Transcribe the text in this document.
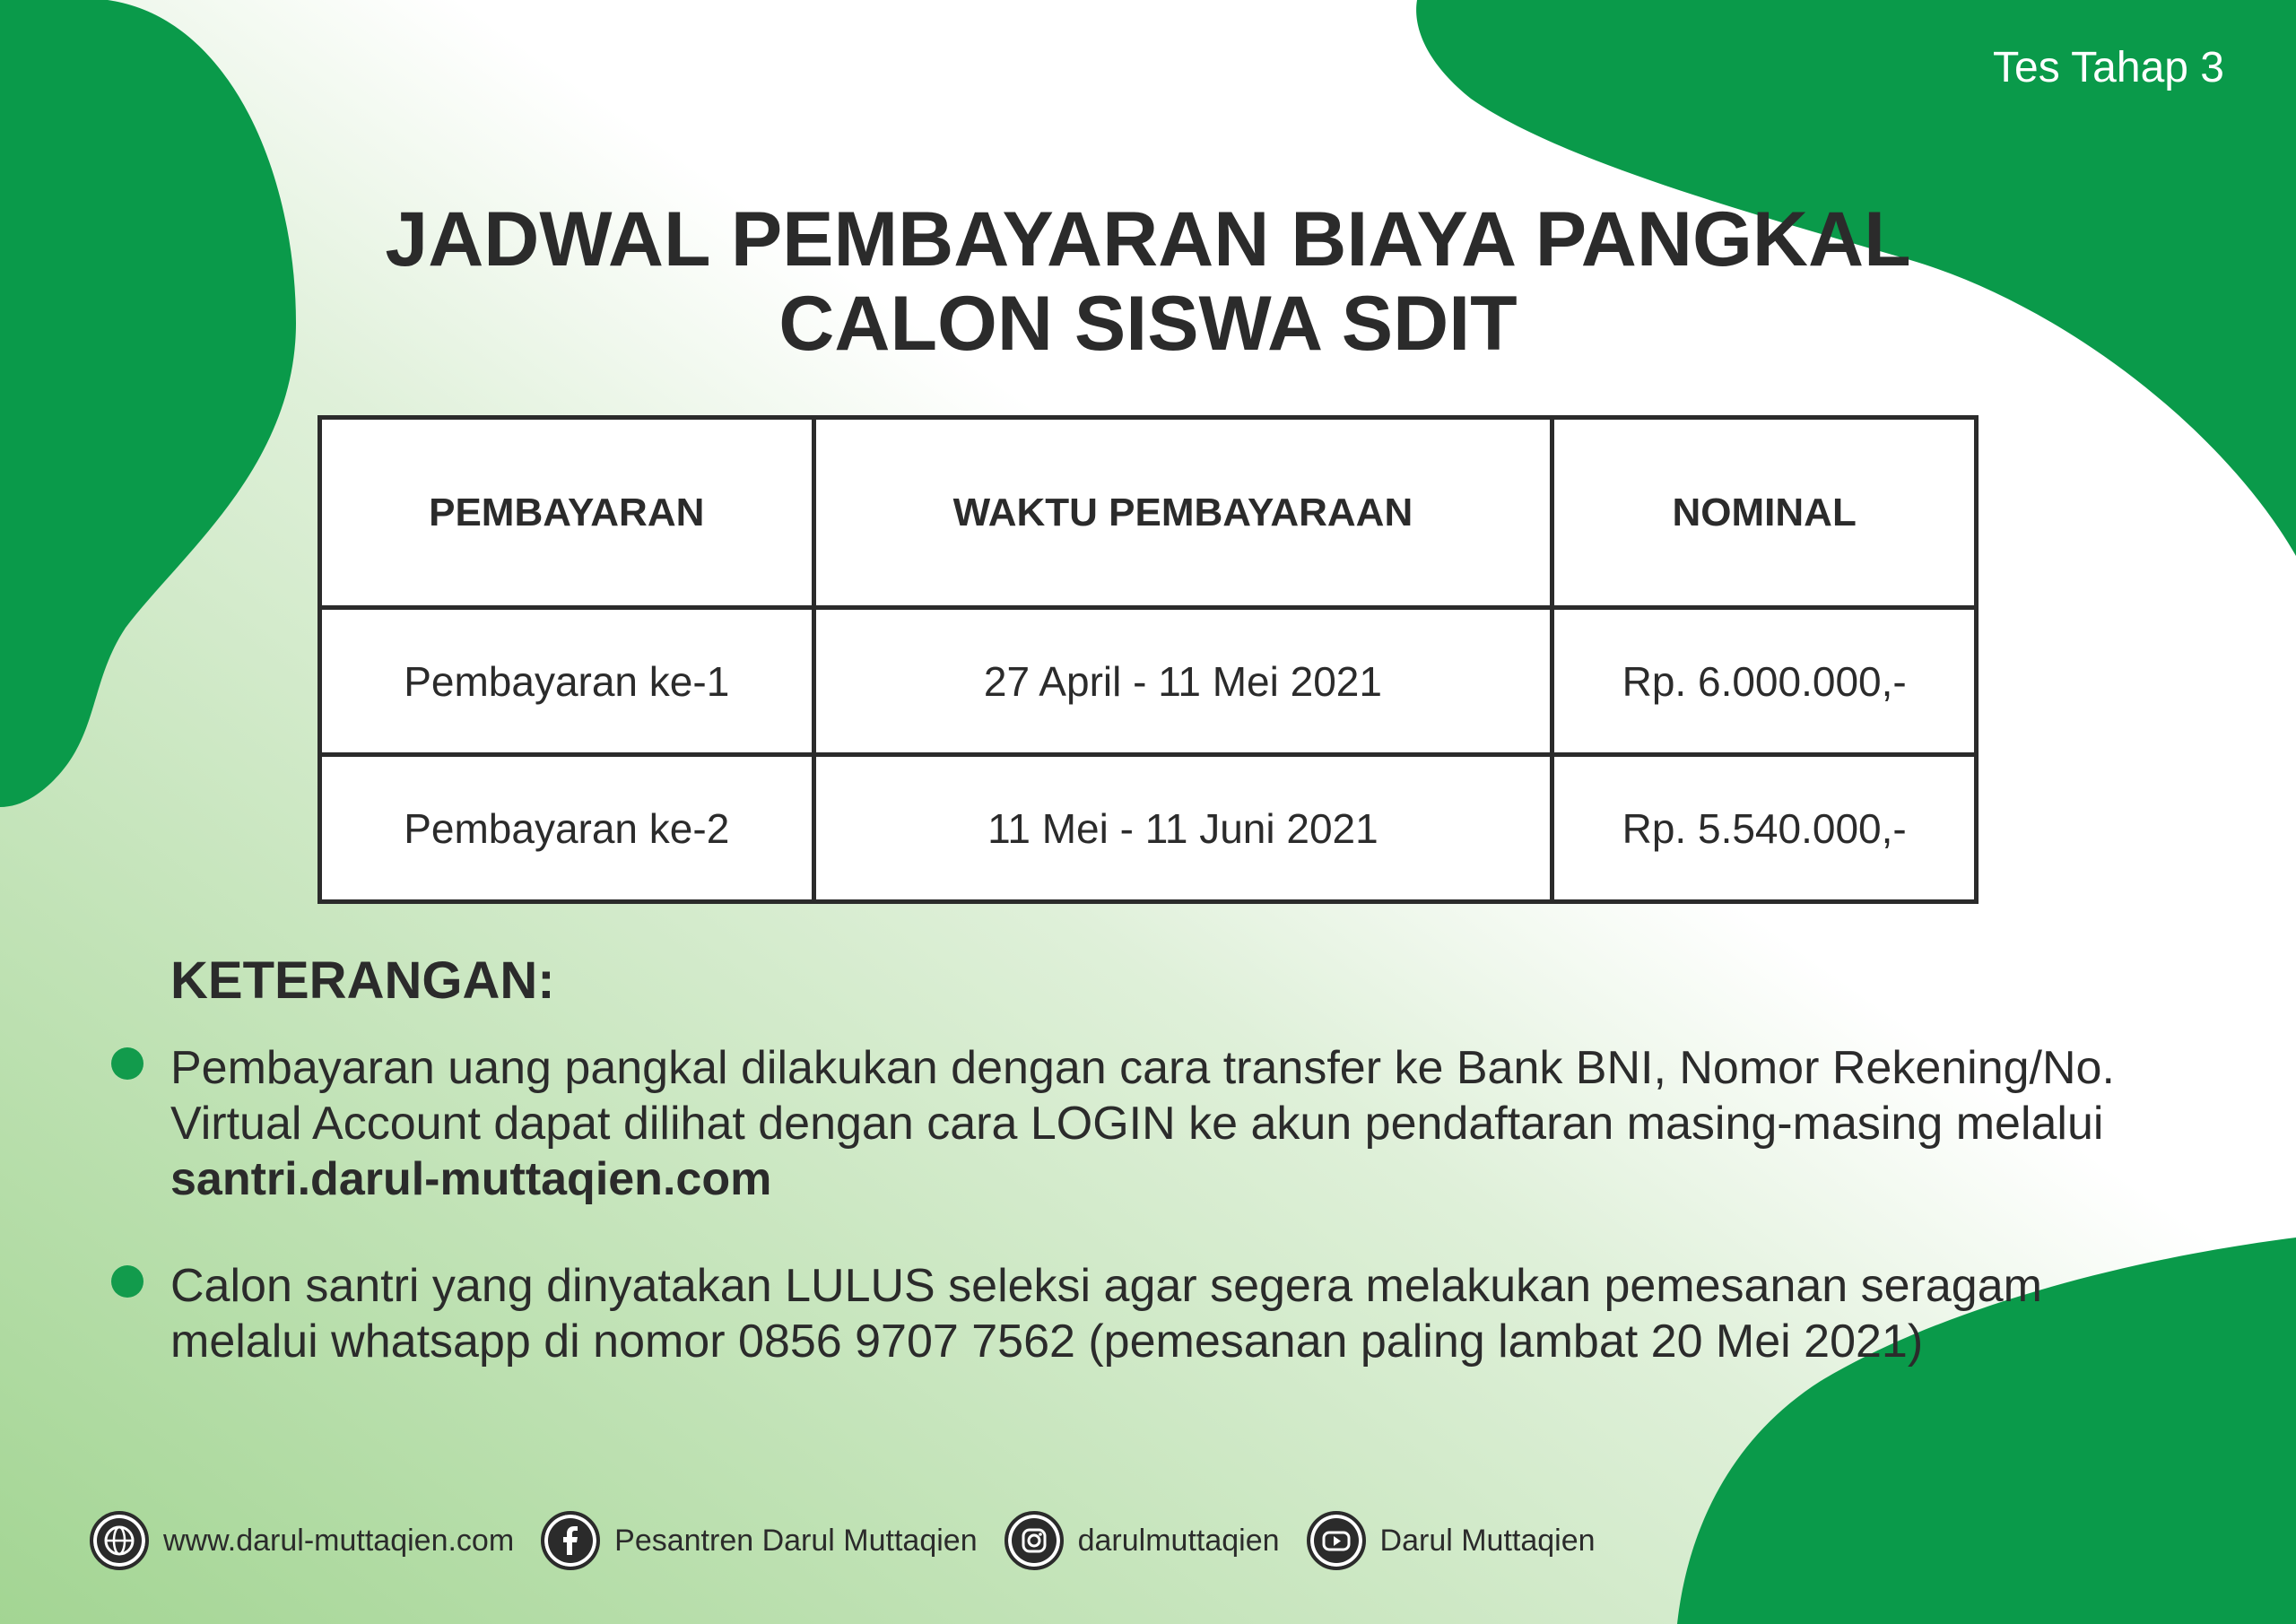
Tes Tahap 3
JADWAL PEMBAYARAN BIAYA PANGKAL
CALON SISWA SDIT
PEMBAYARAN	WAKTU PEMBAYARAAN	NOMINAL
Pembayaran ke-1	27 April - 11 Mei 2021	Rp. 6.000.000,-
Pembayaran ke-2	11 Mei - 11 Juni 2021	Rp. 5.540.000,-
KETERANGAN:
Pembayaran uang pangkal dilakukan dengan cara transfer ke Bank BNI, Nomor Rekening/No. Virtual Account dapat dilihat dengan cara LOGIN ke akun pendaftaran masing-masing melalui santri.darul-muttaqien.com
Calon santri yang dinyatakan LULUS seleksi agar segera melakukan pemesanan seragam melalui whatsapp di nomor 0856 9707 7562 (pemesanan paling lambat 20 Mei 2021)
www.darul-muttaqien.com	Pesantren Darul Muttaqien	darulmuttaqien	Darul Muttaqien
